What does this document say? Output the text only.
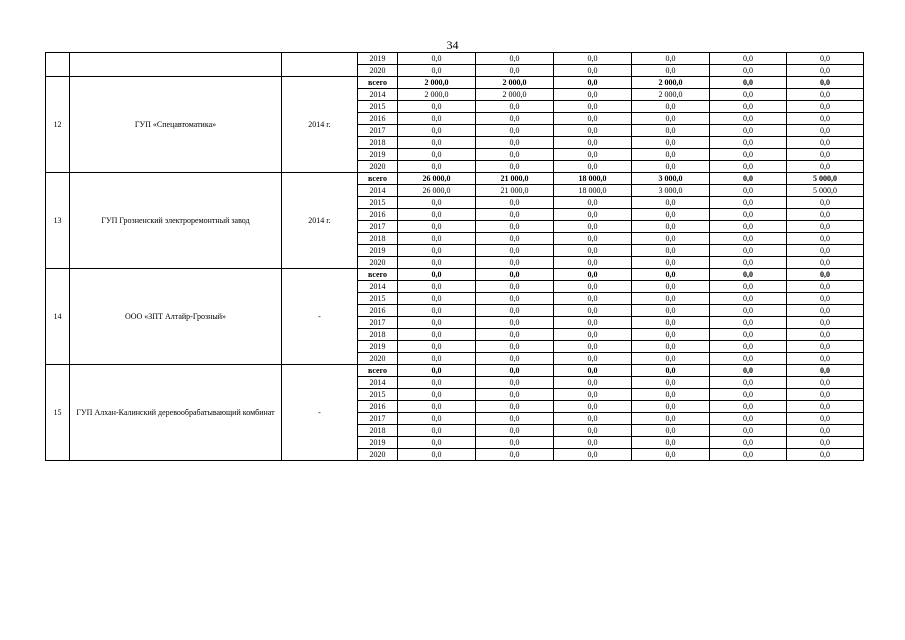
34
			2019	0,0	0,0	0,0	0,0	0,0	0,0
			2020	0,0	0,0	0,0	0,0	0,0	0,0
12	ГУП «Спецавтоматика»	2014 г.	всего	2 000,0	2 000,0	0,0	2 000,0	0,0	0,0
			2014	2 000,0	2 000,0	0,0	2 000,0	0,0	0,0
			2015	0,0	0,0	0,0	0,0	0,0	0,0
			2016	0,0	0,0	0,0	0,0	0,0	0,0
			2017	0,0	0,0	0,0	0,0	0,0	0,0
			2018	0,0	0,0	0,0	0,0	0,0	0,0
			2019	0,0	0,0	0,0	0,0	0,0	0,0
			2020	0,0	0,0	0,0	0,0	0,0	0,0
13	ГУП Грозненский электроремонтный завод	2014 г.	всего	26 000,0	21 000,0	18 000,0	3 000,0	0,0	5 000,0
			2014	26 000,0	21 000,0	18 000,0	3 000,0	0,0	5 000,0
			2015	0,0	0,0	0,0	0,0	0,0	0,0
			2016	0,0	0,0	0,0	0,0	0,0	0,0
			2017	0,0	0,0	0,0	0,0	0,0	0,0
			2018	0,0	0,0	0,0	0,0	0,0	0,0
			2019	0,0	0,0	0,0	0,0	0,0	0,0
			2020	0,0	0,0	0,0	0,0	0,0	0,0
14	ООО «ЗПТ Алтайр-Грозный»	-	всего	0,0	0,0	0,0	0,0	0,0	0,0
			2014	0,0	0,0	0,0	0,0	0,0	0,0
			2015	0,0	0,0	0,0	0,0	0,0	0,0
			2016	0,0	0,0	0,0	0,0	0,0	0,0
			2017	0,0	0,0	0,0	0,0	0,0	0,0
			2018	0,0	0,0	0,0	0,0	0,0	0,0
			2019	0,0	0,0	0,0	0,0	0,0	0,0
			2020	0,0	0,0	0,0	0,0	0,0	0,0
15	ГУП Алхан-Калинский деревообрабатывающий комбинат	-	всего	0,0	0,0	0,0	0,0	0,0	0,0
			2014	0,0	0,0	0,0	0,0	0,0	0,0
			2015	0,0	0,0	0,0	0,0	0,0	0,0
			2016	0,0	0,0	0,0	0,0	0,0	0,0
			2017	0,0	0,0	0,0	0,0	0,0	0,0
			2018	0,0	0,0	0,0	0,0	0,0	0,0
			2019	0,0	0,0	0,0	0,0	0,0	0,0
			2020	0,0	0,0	0,0	0,0	0,0	0,0
